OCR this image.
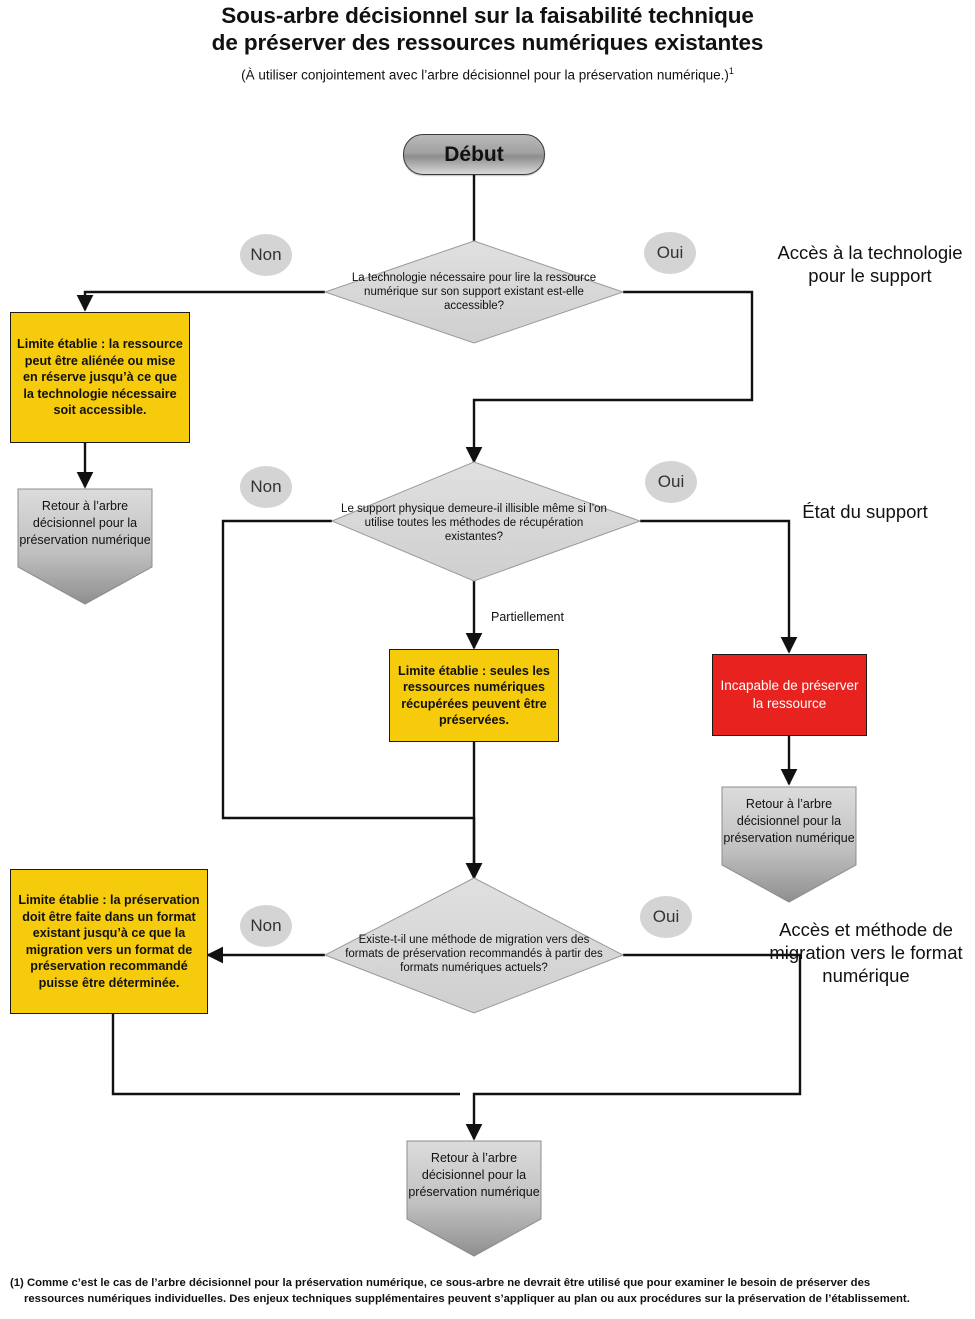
Sous-arbre décisionnel sur la faisabilité technique
de préserver des ressources numériques existantes
(À utiliser conjointement avec l’arbre décisionnel pour la préservation numérique.)$^1$
Début
La technologie nécessaire pour lire la ressource numérique sur son support existant est-elle accessible?
Le support physique demeure-il illisible même si l’on utilise toutes les méthodes de récupération existantes?
Existe-t-il une méthode de migration vers des formats de préservation recommandés à partir des formats numériques actuels?
Limite établie : la ressource peut être aliénée ou mise en réserve jusqu’à ce que la technologie nécessaire soit accessible.
Limite établie : seules les ressources numériques récupérées peuvent être préservées.
Limite établie : la préservation doit être faite dans un format existant jusqu’à ce que la migration vers un format de préservation recommandé puisse être déterminée.
Incapable de préserver la ressource
Retour à l’arbre décisionnel pour la préservation numérique
Retour à l’arbre décisionnel pour la préservation numérique
Retour à l’arbre décisionnel pour la préservation numérique
Non	Oui
Non	Oui
Partiellement
Non	Oui
Accès à la technologie pour le support
État du support
Accès et méthode de migration vers le format numérique
(1) Comme c’est le cas de l’arbre décisionnel pour la préservation numérique, ce sous-arbre ne devrait être utilisé que pour examiner le besoin de préserver des
ressources numériques individuelles. Des enjeux techniques supplémentaires peuvent s’appliquer au plan ou aux procédures sur la préservation de l’établissement.
